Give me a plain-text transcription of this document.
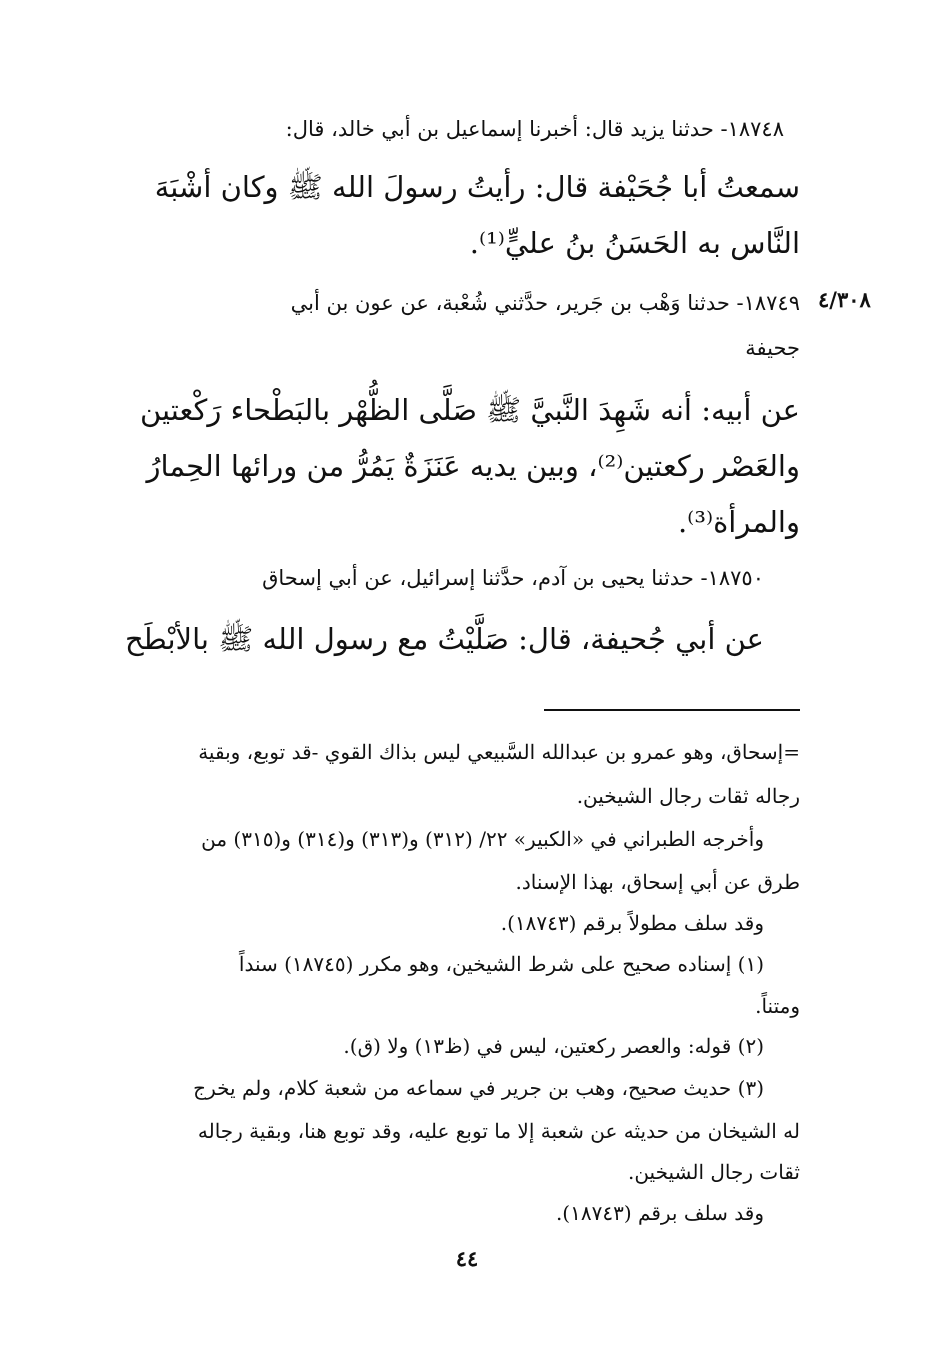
١٨٧٤٨- حدثنا يزيد قال: أخبرنا إسماعيل بن أبي خالد، قال:
سمعتُ أبا جُحَيْفة قال: رأيتُ رسولَ الله ﷺ وكان أشْبَهَ
النَّاس به الحَسَنُ بنُ عليٍّ⁽¹⁾.
٤/٣٠٨
١٨٧٤٩- حدثنا وَهْب بن جَرير، حدَّثني شُعْبة، عن عون بن أبي
جحيفة
عن أبيه: أنه شَهِدَ النَّبيَّ ﷺ صَلَّى الظُّهْر بالبَطْحاء رَكْعتين
والعَصْر ركعتين⁽²⁾، وبين يديه عَنَزَةٌ يَمُرُّ من ورائها الحِمارُ
والمرأة⁽³⁾.
١٨٧٥٠- حدثنا يحيى بن آدم، حدَّثنا إسرائيل، عن أبي إسحاق
عن أبي جُحيفة، قال: صَلَّيْتُ مع رسول الله ﷺ بالأبْطَح
=إسحاق، وهو عمرو بن عبدالله السَّبيعي ليس بذاك القوي -قد توبع، وبقية
رجاله ثقات رجال الشيخين.
وأخرجه الطبراني في «الكبير» ٢٢/ (٣١٢) و(٣١٣) و(٣١٤) و(٣١٥) من
طرق عن أبي إسحاق، بهذا الإسناد.
وقد سلف مطولاً برقم (١٨٧٤٣).
(١) إسناده صحيح على شرط الشيخين، وهو مكرر (١٨٧٤٥) سنداً
ومتناً.
(٢) قوله: والعصر ركعتين، ليس في (ظ١٣) ولا (ق).
(٣) حديث صحيح، وهب بن جرير في سماعه من شعبة كلام، ولم يخرج
له الشيخان من حديثه عن شعبة إلا ما توبع عليه، وقد توبع هنا، وبقية رجاله
ثقات رجال الشيخين.
وقد سلف برقم (١٨٧٤٣).
٤٤
